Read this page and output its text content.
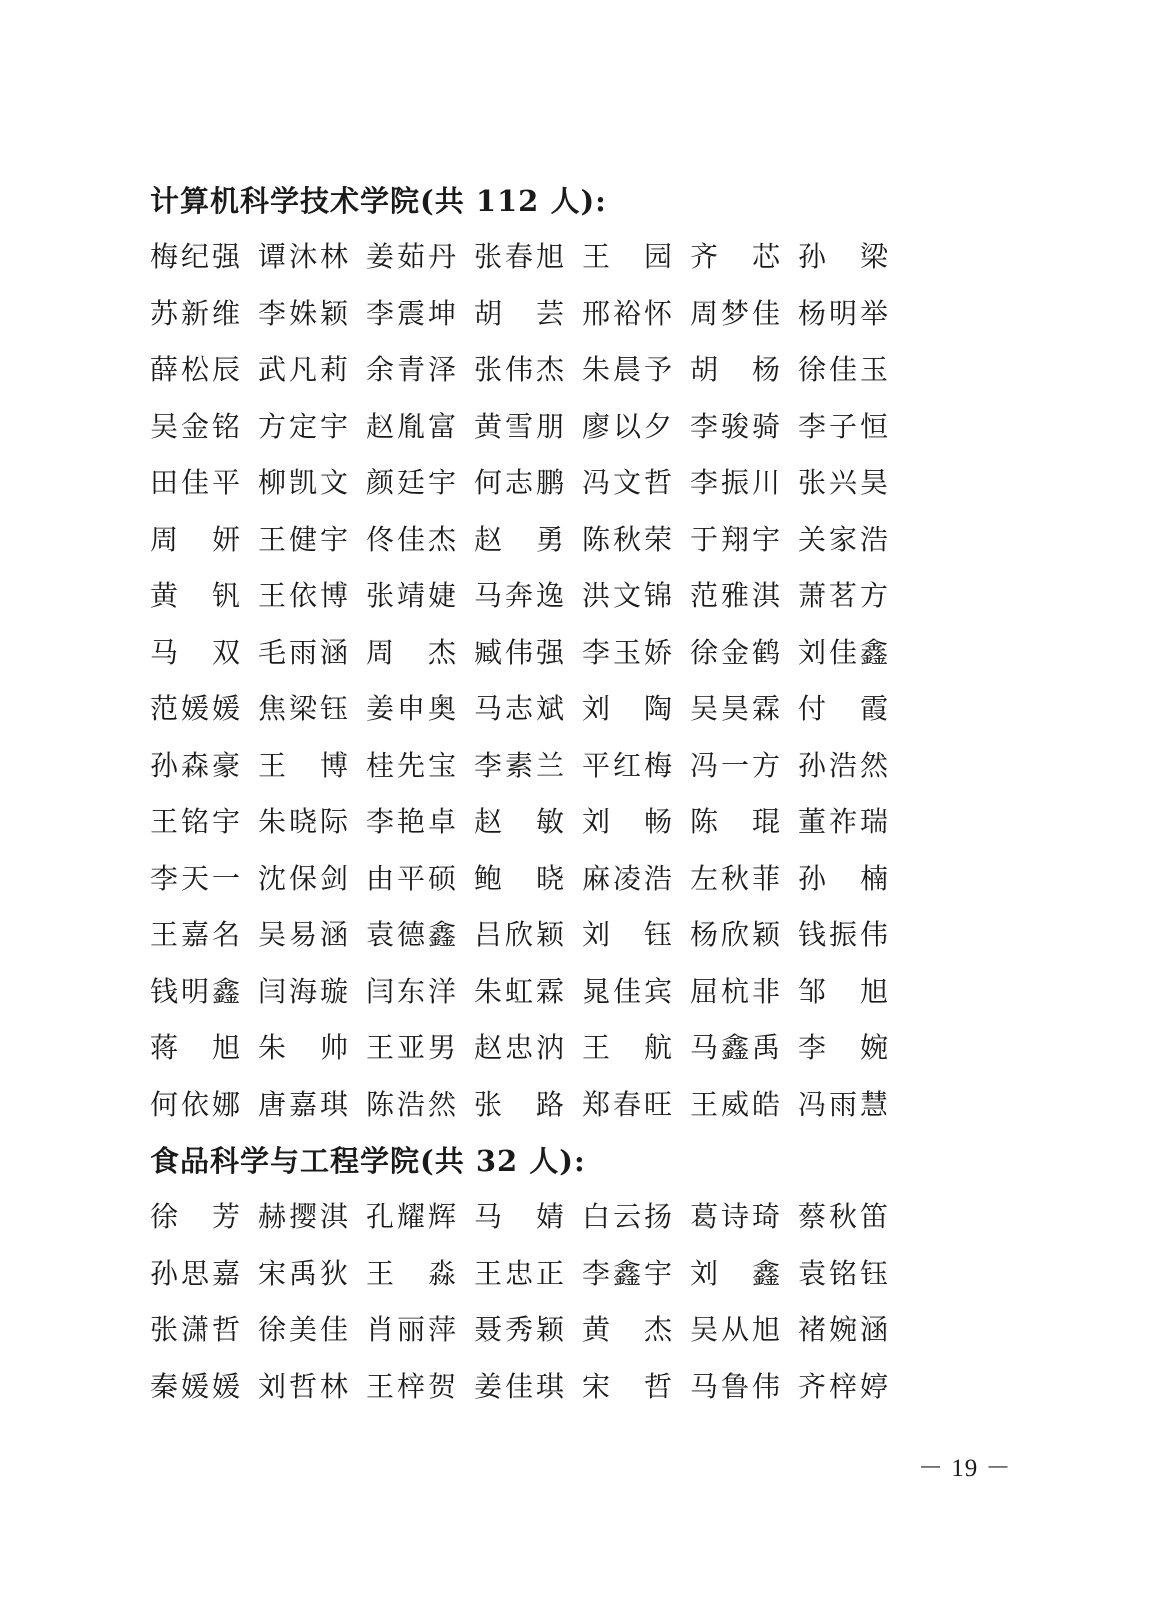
计算机科学技术学院(共 112 人):
梅 纪 强 谭 沐 林 姜 茹 丹 张 春 旭 王 园 齐 芯 孙 梁
苏 新 维 李 姝 颖 李 震 坤 胡 芸 邢 裕 怀 周 梦 佳 杨 明 举
薛 松 辰 武 凡 莉 余 青 泽 张 伟 杰 朱 晨 予 胡 杨 徐 佳 玉
吴 金 铭 方 定 宇 赵 胤 富 黄 雪 朋 廖 以 夕 李 骏 骑 李 子 恒
田 佳 平 柳 凯 文 颜 廷 宇 何 志 鹏 冯 文 哲 李 振 川 张 兴 昊
周 妍 王 健 宇 佟 佳 杰 赵 勇 陈 秋 荣 于 翔 宇 关 家 浩
黄 钒 王 依 博 张 靖 婕 马 奔 逸 洪 文 锦 范 雅 淇 萧 茗 方
马 双 毛 雨 涵 周 杰 臧 伟 强 李 玉 娇 徐 金 鹤 刘 佳 鑫
范 媛 媛 焦 梁 钰 姜 申 奥 马 志 斌 刘 陶 吴 昊 霖 付 霞
孙 森 豪 王 博 桂 先 宝 李 素 兰 平 红 梅 冯 一 方 孙 浩 然
王 铭 宇 朱 晓 际 李 艳 卓 赵 敏 刘 畅 陈 琨 董 祚 瑞
李 天 一 沈 保 剑 由 平 硕 鲍 晓 麻 凌 浩 左 秋 菲 孙 楠
王 嘉 名 吴 易 涵 袁 德 鑫 吕 欣 颖 刘 钰 杨 欣 颖 钱 振 伟
钱 明 鑫 闫 海 璇 闫 东 洋 朱 虹 霖 晁 佳 宾 屈 杭 非 邹 旭
蒋 旭 朱 帅 王 亚 男 赵 忠 汭 王 航 马 鑫 禹 李 婉
何 依 娜 唐 嘉 琪 陈 浩 然 张 路 郑 春 旺 王 威 皓 冯 雨 慧
食品科学与工程学院(共 32 人):
徐 芳 赫 撄 淇 孔 耀 辉 马 婧 白 云 扬 葛 诗 琦 蔡 秋 笛
孙 思 嘉 宋 禹 狄 王 淼 王 忠 正 李 鑫 宇 刘 鑫 袁 铭 钰
张 潇 哲 徐 美 佳 肖 丽 萍 聂 秀 颖 黄 杰 吴 从 旭 褚 婉 涵
秦 媛 媛 刘 哲 林 王 梓 贺 姜 佳 琪 宋 哲 马 鲁 伟 齐 梓 婷
－ 19 －
